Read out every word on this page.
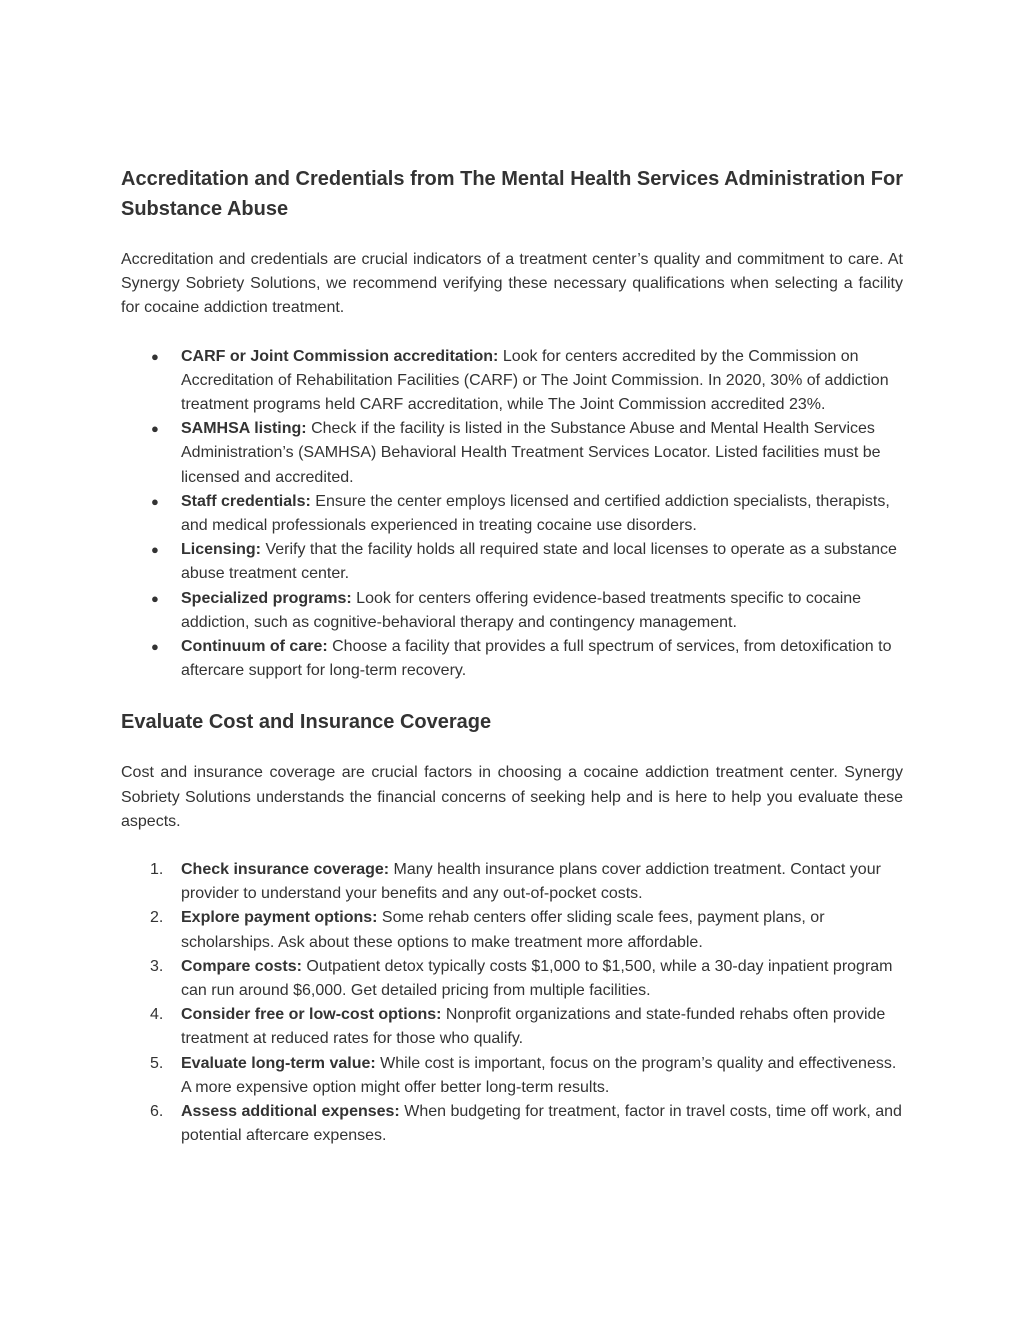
Accreditation and Credentials from The Mental Health Services Administration For Substance Abuse

Accreditation and credentials are crucial indicators of a treatment center’s quality and commitment to care. At Synergy Sobriety Solutions, we recommend verifying these necessary qualifications when selecting a facility for cocaine addiction treatment.

●	CARF or Joint Commission accreditation: Look for centers accredited by the Commission on Accreditation of Rehabilitation Facilities (CARF) or The Joint Commission. In 2020, 30% of addiction treatment programs held CARF accreditation, while The Joint Commission accredited 23%.
●	SAMHSA listing: Check if the facility is listed in the Substance Abuse and Mental Health Services Administration’s (SAMHSA) Behavioral Health Treatment Services Locator. Listed facilities must be licensed and accredited.
●	Staff credentials: Ensure the center employs licensed and certified addiction specialists, therapists, and medical professionals experienced in treating cocaine use disorders.
●	Licensing: Verify that the facility holds all required state and local licenses to operate as a substance abuse treatment center.
●	Specialized programs: Look for centers offering evidence-based treatments specific to cocaine addiction, such as cognitive-behavioral therapy and contingency management.
●	Continuum of care: Choose a facility that provides a full spectrum of services, from detoxification to aftercare support for long-term recovery.
Evaluate Cost and Insurance Coverage

Cost and insurance coverage are crucial factors in choosing a cocaine addiction treatment center. Synergy Sobriety Solutions understands the financial concerns of seeking help and is here to help you evaluate these aspects.

1.	Check insurance coverage: Many health insurance plans cover addiction treatment. Contact your provider to understand your benefits and any out-of-pocket costs.
2.	Explore payment options: Some rehab centers offer sliding scale fees, payment plans, or scholarships. Ask about these options to make treatment more affordable.
3.	Compare costs: Outpatient detox typically costs $1,000 to $1,500, while a 30-day inpatient program can run around $6,000. Get detailed pricing from multiple facilities.
4.	Consider free or low-cost options: Nonprofit organizations and state-funded rehabs often provide treatment at reduced rates for those who qualify.
5.	Evaluate long-term value: While cost is important, focus on the program’s quality and effectiveness. A more expensive option might offer better long-term results.
6.	Assess additional expenses: When budgeting for treatment, factor in travel costs, time off work, and potential aftercare expenses.
